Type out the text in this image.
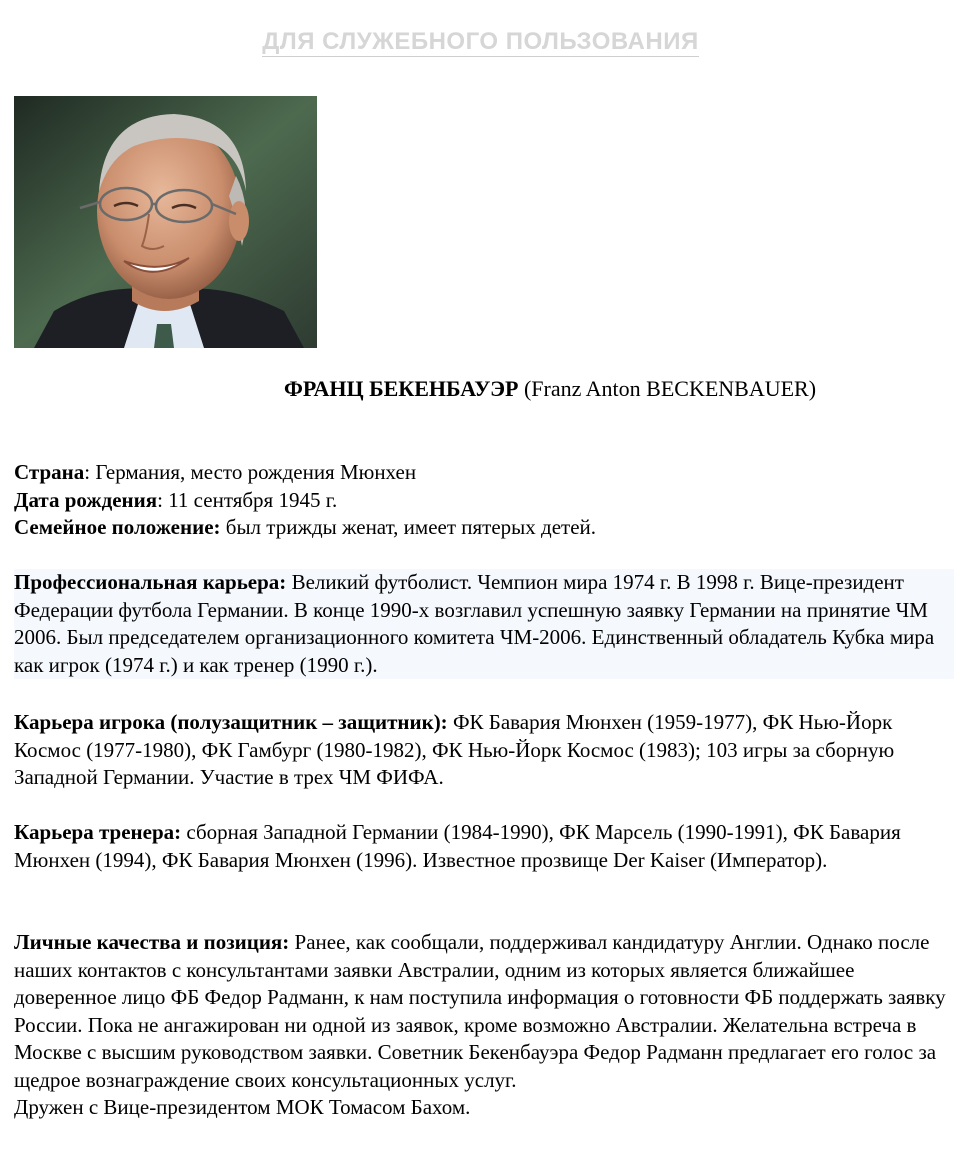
ДЛЯ СЛУЖЕБНОГО ПОЛЬЗОВАНИЯ
ФРАНЦ БЕКЕНБАУЭР (Franz Anton BECKENBAUER)
Страна: Германия, место рождения Мюнхен
Дата рождения: 11 сентября 1945 г.
Семейное положение: был трижды женат, имеет пятерых детей.
Профессиональная карьера: Великий футболист. Чемпион мира 1974 г. В 1998 г. Вице-президент Федерации футбола Германии. В конце 1990-х возглавил успешную заявку Германии на принятие ЧМ 2006. Был председателем организационного комитета ЧМ-2006. Единственный обладатель Кубка мира как игрок (1974 г.) и как тренер (1990 г.).
Карьера игрока (полузащитник – защитник): ФК Бавария Мюнхен (1959-1977), ФК Нью-Йорк Космос (1977-1980), ФК Гамбург (1980-1982), ФК Нью-Йорк Космос (1983); 103 игры за сборную Западной Германии. Участие в трех ЧМ ФИФА.
Карьера тренера: сборная Западной Германии (1984-1990), ФК Марсель (1990-1991), ФК Бавария Мюнхен (1994), ФК Бавария Мюнхен (1996). Известное прозвище Der Kaiser (Император).
Личные качества и позиция: Ранее, как сообщали, поддерживал кандидатуру Англии. Однако после наших контактов с консультантами заявки Австралии, одним из которых является ближайшее доверенное лицо ФБ Федор Радманн, к нам поступила информация о готовности ФБ поддержать заявку России. Пока не ангажирован ни одной из заявок, кроме возможно Австралии. Желательна встреча в Москве с высшим руководством заявки. Советник Бекенбауэра Федор Радманн предлагает его голос за щедрое вознаграждение своих консультационных услуг.
Дружен с Вице-президентом МОК Томасом Бахом.
